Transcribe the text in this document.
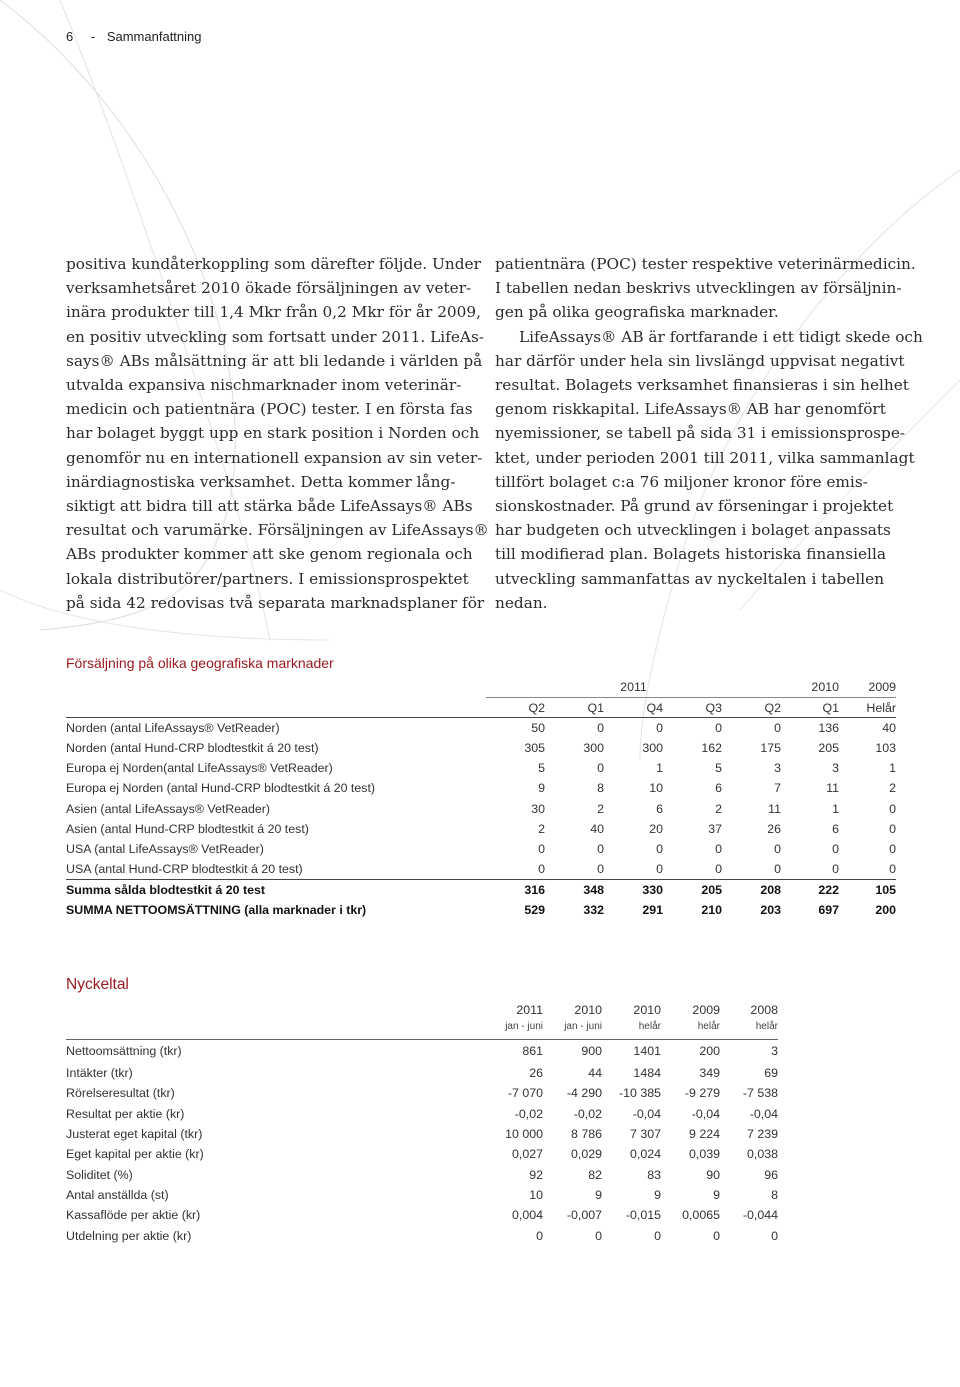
6 - Sammanfattning
positiva kundåterkoppling som därefter följde. Under
verksamhetsåret 2010 ökade försäljningen av veter-
inära produkter till 1,4 Mkr från 0,2 Mkr för år 2009,
en positiv utveckling som fortsatt under 2011. LifeAs-
says® ABs målsättning är att bli ledande i världen på
utvalda expansiva nischmarknader inom veterinär-
medicin och patientnära (POC) tester. I en första fas
har bolaget byggt upp en stark position i Norden och
genomför nu en internationell expansion av sin veter-
inärdiagnostiska verksamhet. Detta kommer lång-
siktigt att bidra till att stärka både LifeAssays® ABs
resultat och varumärke. Försäljningen av LifeAssays®
ABs produkter kommer att ske genom regionala och
lokala distributörer/partners. I emissionsprospektet
på sida 42 redovisas två separata marknadsplaner för
patientnära (POC) tester respektive veterinärmedicin.
I tabellen nedan beskrivs utvecklingen av försäljnin-
gen på olika geografiska marknader.
LifeAssays® AB är fortfarande i ett tidigt skede och
har därför under hela sin livslängd uppvisat negativt
resultat. Bolagets verksamhet finansieras i sin helhet
genom riskkapital. LifeAssays® AB har genomfört
nyemissioner, se tabell på sida 31 i emissionsprospe-
ktet, under perioden 2001 till 2011, vilka sammanlagt
tillfört bolaget c:a 76 miljoner kronor före emis-
sionskostnader. På grund av förseningar i projektet
har budgeten och utvecklingen i bolaget anpassats
till modifierad plan. Bolagets historiska finansiella
utveckling sammanfattas av nyckeltalen i tabellen
nedan.
Försäljning på olika geografiska marknader
	2011					2010	2009
	Q2	Q1	Q4	Q3	Q2	Q1	Helår
Norden (antal LifeAssays® VetReader)	50	0	0	0	0	136	40
Norden (antal Hund-CRP blodtestkit á 20 test)	305	300	300	162	175	205	103
Europa ej Norden(antal LifeAssays® VetReader)	5	0	1	5	3	3	1
Europa ej Norden (antal Hund-CRP blodtestkit á 20 test)	9	8	10	6	7	11	2
Asien (antal LifeAssays® VetReader)	30	2	6	2	11	1	0
Asien (antal Hund-CRP blodtestkit á 20 test)	2	40	20	37	26	6	0
USA (antal LifeAssays® VetReader)	0	0	0	0	0	0	0
USA (antal Hund-CRP blodtestkit á 20 test)	0	0	0	0	0	0	0
Summa sålda blodtestkit á 20 test	316	348	330	205	208	222	105
SUMMA NETTOOMSÄTTNING (alla marknader i tkr)	529	332	291	210	203	697	200
Nyckeltal
	2011	2010	2010	2009	2008
	jan - juni	jan - juni	helår	helår	helår
Nettoomsättning (tkr)	861	900	1401	200	3
Intäkter (tkr)	26	44	1484	349	69
Rörelseresultat (tkr)	-7 070	-4 290	-10 385	-9 279	-7 538
Resultat per aktie (kr)	-0,02	-0,02	-0,04	-0,04	-0,04
Justerat eget kapital (tkr)	10 000	8 786	7 307	9 224	7 239
Eget kapital per aktie (kr)	0,027	0,029	0,024	0,039	0,038
Soliditet (%)	92	82	83	90	96
Antal anställda (st)	10	9	9	9	8
Kassaflöde per aktie (kr)	0,004	-0,007	-0,015	0,0065	-0,044
Utdelning per aktie (kr)	0	0	0	0	0
